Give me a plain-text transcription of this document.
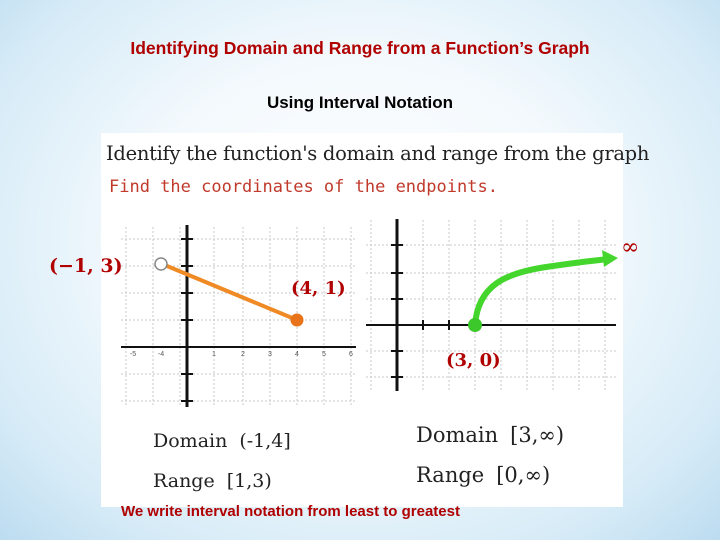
Identifying Domain and Range from a Function’s Graph
Using Interval Notation
Identify the function's domain and range from the graph
Find the coordinates of the endpoints.
-5	-4	1	2	3	4	5	6
(4, 1)
(3, 0)
∞
Domain (-1,4]
Range [1,3)
Domain [3,∞)
Range [0,∞)
(−1, 3)
We write interval notation from least to greatest
